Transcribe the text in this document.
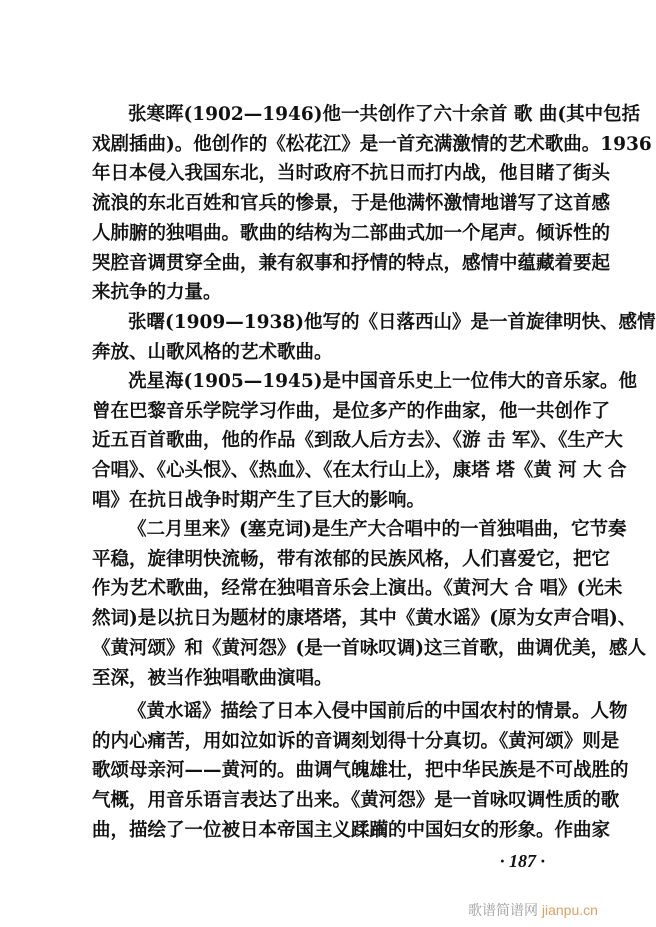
张寒晖(1902—1946)他一共创作了六十余首 歌 曲(其中包括
戏剧插曲)。他创作的《松花江》是一首充满激情的艺术歌曲。1936
年日本侵入我国东北，当时政府不抗日而打内战，他目睹了街头
流浪的东北百姓和官兵的惨景，于是他满怀激情地谱写了这首感
人肺腑的独唱曲。歌曲的结构为二部曲式加一个尾声。倾诉性的
哭腔音调贯穿全曲，兼有叙事和抒情的特点，感情中蕴藏着要起
来抗争的力量。
张曙(1909—1938)他写的《日落西山》是一首旋律明快、感情
奔放、山歌风格的艺术歌曲。
冼星海(1905—1945)是中国音乐史上一位伟大的音乐家。他
曾在巴黎音乐学院学习作曲，是位多产的作曲家，他一共创作了
近五百首歌曲，他的作品《到敌人后方去》、《游 击 军》、《生产大
合唱》、《心头恨》、《热血》、《在太行山上》，康塔 塔《黄 河 大 合
唱》在抗日战争时期产生了巨大的影响。
《二月里来》(塞克词)是生产大合唱中的一首独唱曲，它节奏
平稳，旋律明快流畅，带有浓郁的民族风格，人们喜爱它，把它
作为艺术歌曲，经常在独唱音乐会上演出。《黄河大 合 唱》(光未
然词)是以抗日为题材的康塔塔，其中《黄水谣》(原为女声合唱)、
《黄河颂》和《黄河怨》(是一首咏叹调)这三首歌，曲调优美，感人
至深，被当作独唱歌曲演唱。
《黄水谣》描绘了日本入侵中国前后的中国农村的情景。人物
的内心痛苦，用如泣如诉的音调刻划得十分真切。《黄河颂》则是
歌颂母亲河——黄河的。曲调气魄雄壮，把中华民族是不可战胜的
气概，用音乐语言表达了出来。《黄河怨》是一首咏叹调性质的歌
曲，描绘了一位被日本帝国主义蹂躏的中国妇女的形象。作曲家
· 187 ·
歌谱简谱网 jianpu.cn
